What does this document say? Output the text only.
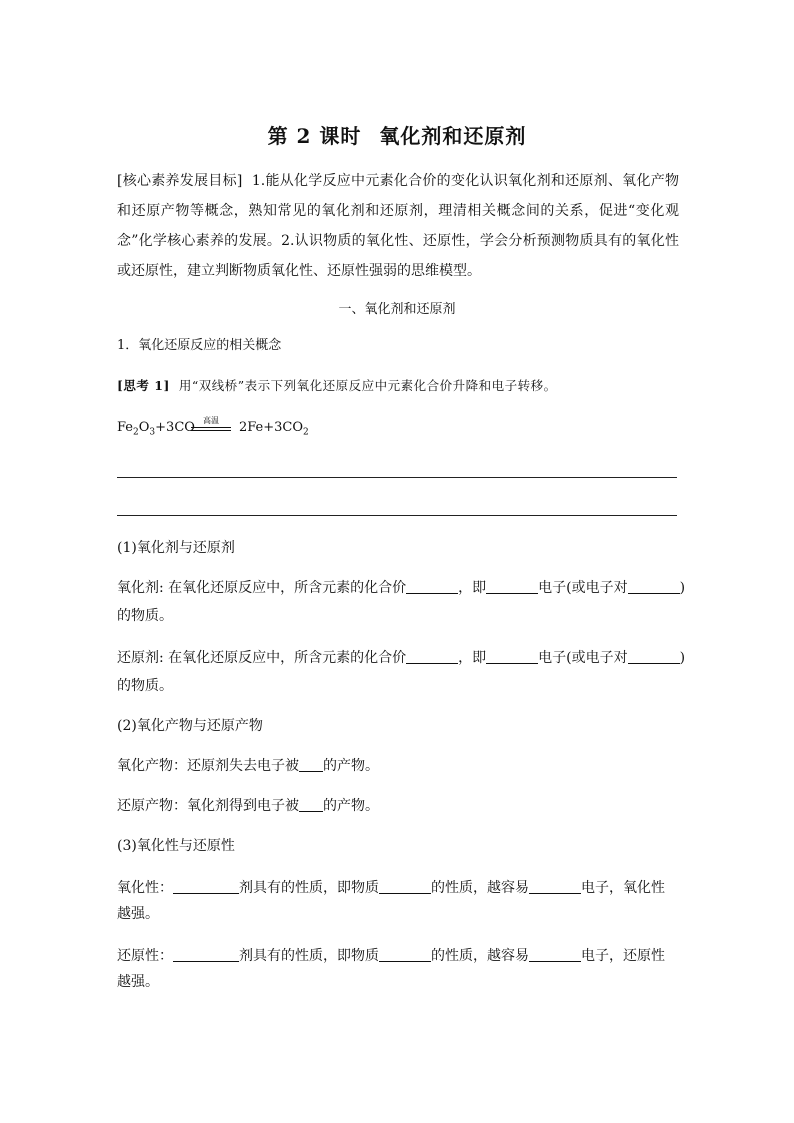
第 2 课时 氧化剂和还原剂
[核心素养发展目标] 1.能从化学反应中元素化合价的变化认识氧化剂和还原剂、氧化产物和还原产物等概念，熟知常见的氧化剂和还原剂，理清相关概念间的关系，促进“变化观念”化学核心素养的发展。2.认识物质的氧化性、还原性，学会分析预测物质具有的氧化性或还原性，建立判断物质氧化性、还原性强弱的思维模型。
一、氧化剂和还原剂
1．氧化还原反应的相关概念
[思考 1] 用“双线桥”表示下列氧化还原反应中元素化合价升降和电子转移。
$Fe_2O_3+3CO$	$2Fe+3CO_2$
高温
(1)氧化剂与还原剂
氧化剂: 在氧化还原反应中，所含元素的化合价	，即	电子(或电子对	)
的物质。
还原剂: 在氧化还原反应中，所含元素的化合价	，即	电子(或电子对	)
的物质。
(2)氧化产物与还原产物
氧化产物：还原剂失去电子被 的产物。
还原产物：氧化剂得到电子被 的产物。
(3)氧化性与还原性
氧化性：	剂具有的性质，即物质	的性质，越容易	电子，氧化性
越强。
还原性：	剂具有的性质，即物质	的性质，越容易	电子，还原性
越强。
